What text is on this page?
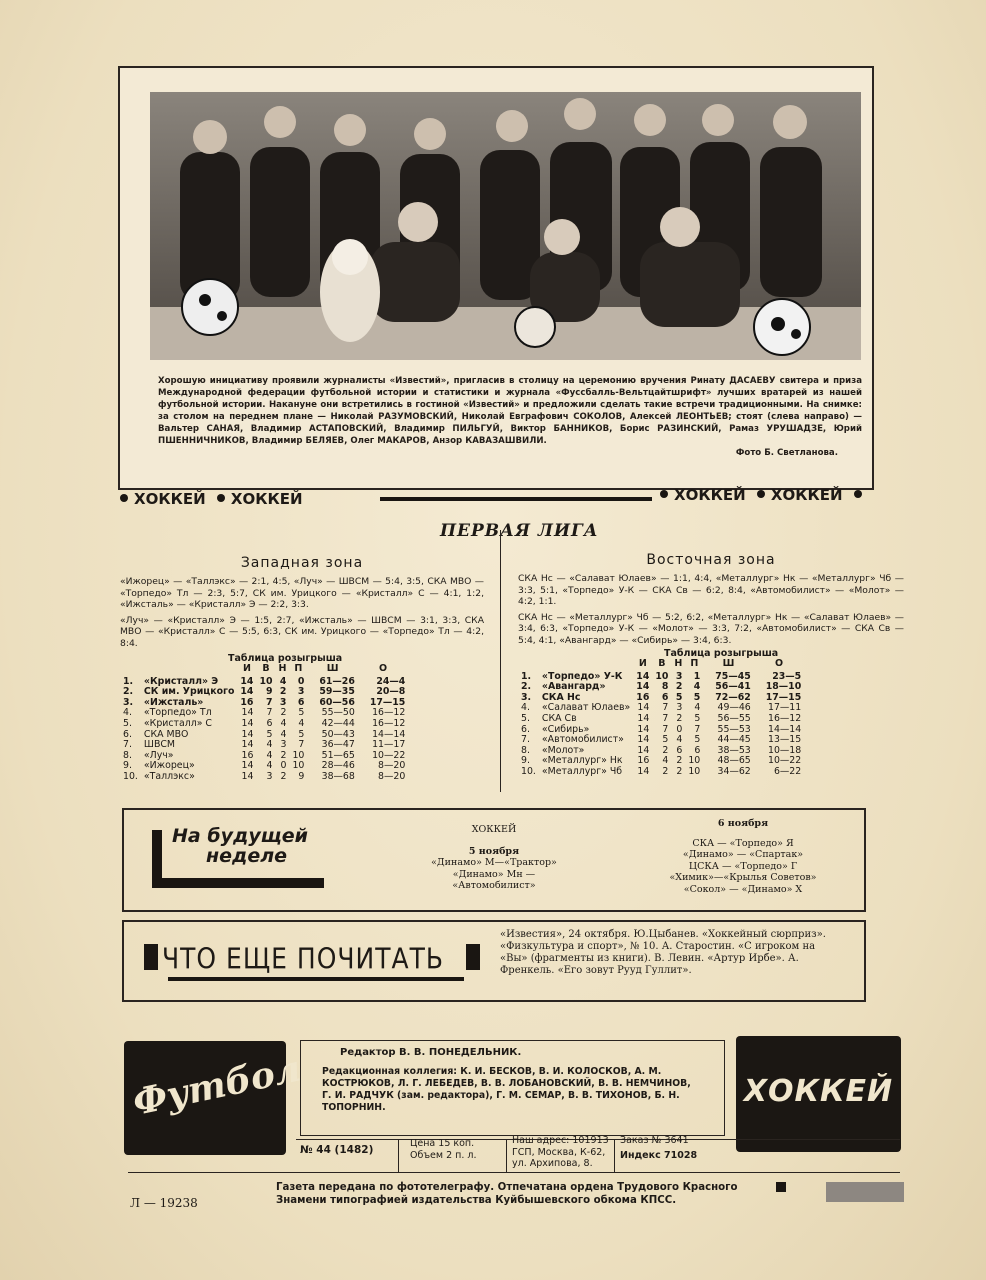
Хорошую инициативу проявили журналисты «Известий», пригласив в столицу на церемонию вручения Ринату ДАСАЕВУ свитера и приза Международной федерации футбольной истории и статистики и журнала «Фуссбалль-Вельтцайтшрифт» лучших вратарей из нашей футбольной истории. Накануне они встретились в гостиной «Известий» и предложили сделать такие встречи традиционными. На снимке: за столом на переднем плане — Николай РАЗУМОВСКИЙ, Николай Евграфович СОКОЛОВ, Алексей ЛЕОНТЬЕВ; стоят (слева направо) — Вальтер САНАЯ, Владимир АСТАПОВСКИЙ, Владимир ПИЛЬГУЙ, Виктор БАННИКОВ, Борис РАЗИНСКИЙ, Рамаз УРУШАДЗЕ, Юрий ПШЕННИЧНИКОВ, Владимир БЕЛЯЕВ, Олег МАКАРОВ, Анзор КАВАЗАШВИЛИ.
Фото Б. Светланова.
ХОККЕЙ ХОККЕЙ	ХОККЕЙ ХОККЕЙ
ПЕРВАЯ ЛИГА
Западная зона
«Ижорец» — «Таллэкс» — 2:1, 4:5, «Луч» — ШВСМ — 5:4, 3:5, СКА МВО — «Торпедо» Тл — 2:3, 5:7, СК им. Урицкого — «Кристалл» С — 4:1, 1:2, «Ижсталь» — «Кристалл» Э — 2:2, 3:3.
«Луч» — «Кристалл» Э — 1:5, 2:7, «Ижсталь» — ШВСМ — 3:1, 3:3, СКА МВО — «Кристалл» С — 5:5, 6:3, СК им. Урицкого — «Торпедо» Тл — 4:2, 8:4.
Таблица розыгрыша
		И	В	Н	П	Ш	О
1.	«Кристалл» Э	14	10	4	0	61—26	24—4
2.	СК им. Урицкого	14	9	2	3	59—35	20—8
3.	«Ижсталь»	16	7	3	6	60—56	17—15
4.	«Торпедо» Тл	14	7	2	5	55—50	16—12
5.	«Кристалл» С	14	6	4	4	42—44	16—12
6.	СКА МВО	14	5	4	5	50—43	14—14
7.	ШВСМ	14	4	3	7	36—47	11—17
8.	«Луч»	16	4	2	10	51—65	10—22
9.	«Ижорец»	14	4	0	10	28—46	8—20
10.	«Таллэкс»	14	3	2	9	38—68	8—20
Восточная зона
СКА Нс — «Салават Юлаев» — 1:1, 4:4, «Металлург» Нк — «Металлург» Чб — 3:3, 5:1, «Торпедо» У-К — СКА Св — 6:2, 8:4, «Автомобилист» — «Молот» — 4:2, 1:1.
СКА Нс — «Металлург» Чб — 5:2, 6:2, «Металлург» Нк — «Салават Юлаев» — 3:4, 6:3, «Торпедо» У-К — «Молот» — 3:3, 7:2, «Автомобилист» — СКА Св — 5:4, 4:1, «Авангард» — «Сибирь» — 3:4, 6:3.
Таблица розыгрыша
		И	В	Н	П	Ш	О
1.	«Торпедо» У-К	14	10	3	1	75—45	23—5
2.	«Авангард»	14	8	2	4	56—41	18—10
3.	СКА Нс	16	6	5	5	72—62	17—15
4.	«Салават Юлаев»	14	7	3	4	49—46	17—11
5.	СКА Св	14	7	2	5	56—55	16—12
6.	«Сибирь»	14	7	0	7	55—53	14—14
7.	«Автомобилист»	14	5	4	5	44—45	13—15
8.	«Молот»	14	2	6	6	38—53	10—18
9.	«Металлург» Нк	16	4	2	10	48—65	10—22
10.	«Металлург» Чб	14	2	2	10	34—62	6—22
На будущей
неделе
ХОККЕЙ
5 ноября
«Динамо» М—«Трактор»
«Динамо» Мн —
«Автомобилист»
6 ноября
СКА — «Торпедо» Я
«Динамо» — «Спартак»
ЦСКА — «Торпедо» Г
«Химик»—«Крылья Советов»
«Сокол» — «Динамо» Х
ЧТО ЕЩЕ ПОЧИТАТЬ
«Известия», 24 октября. Ю.Цыбанев. «Хоккейный сюрприз». «Физкультура и спорт», № 10. А. Старостин. «С игроком на «Вы» (фрагменты из книги). В. Левин. «Артур Ирбе». А. Френкель. «Его зовут Рууд Гуллит».
Футбол	ХОККЕЙ
Редактор В. В. ПОНЕДЕЛЬНИК.
Редакционная коллегия: К. И. БЕСКОВ, В. И. КОЛОСКОВ, А. М. КОСТРЮКОВ, Л. Г. ЛЕБЕДЕВ, В. В. ЛОБАНОВСКИЙ, В. В. НЕМЧИНОВ, Г. И. РАДЧУК (зам. редактора), Г. М. СЕМАР, В. В. ТИХОНОВ, Б. Н. ТОПОРНИН.
№ 44 (1482)
Цена 15 коп.
Объем 2 п. л.
Наш адрес: 101913
ГСП, Москва, К-62,
ул. Архипова, 8.
Заказ № 3641
Индекс 71028
Л — 19238
Газета передана по фототелеграфу. Отпечатана ордена Трудового Красного
Знамени типографией издательства Куйбышевского обкома КПСС.
